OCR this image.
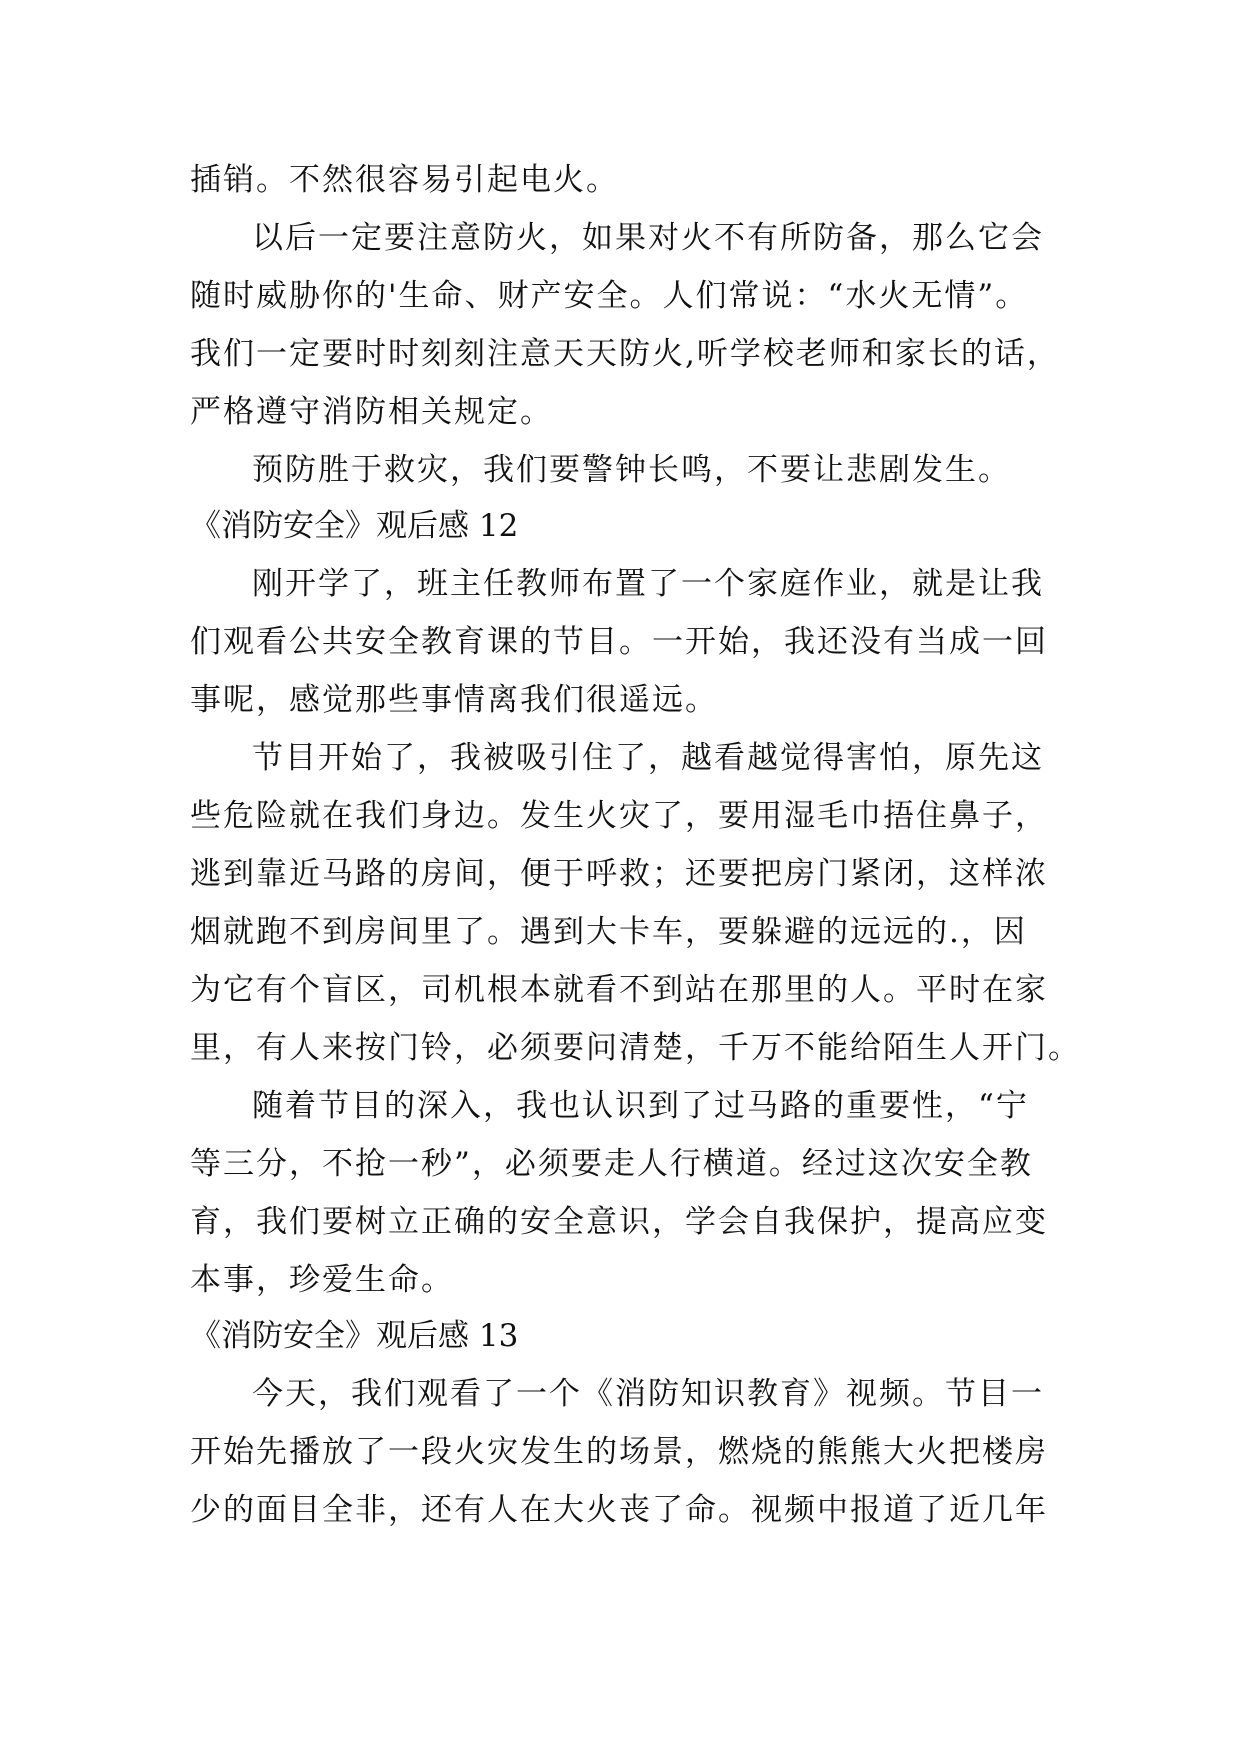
插销。不然很容易引起电火。
以后一定要注意防火，如果对火不有所防备，那么它会
随时威胁你的'生命、财产安全。人们常说：“水火无情”。
我们一定要时时刻刻注意天天防火,听学校老师和家长的话，
严格遵守消防相关规定。
预防胜于救灾，我们要警钟长鸣，不要让悲剧发生。
《消防安全》观后感 12
刚开学了，班主任教师布置了一个家庭作业，就是让我
们观看公共安全教育课的节目。一开始，我还没有当成一回
事呢，感觉那些事情离我们很遥远。
节目开始了，我被吸引住了，越看越觉得害怕，原先这
些危险就在我们身边。发生火灾了，要用湿毛巾捂住鼻子，
逃到靠近马路的房间，便于呼救；还要把房门紧闭，这样浓
烟就跑不到房间里了。遇到大卡车，要躲避的远远的.，因
为它有个盲区，司机根本就看不到站在那里的人。平时在家
里，有人来按门铃，必须要问清楚，千万不能给陌生人开门。
随着节目的深入，我也认识到了过马路的重要性，“宁
等三分，不抢一秒”，必须要走人行横道。经过这次安全教
育，我们要树立正确的安全意识，学会自我保护，提高应变
本事，珍爱生命。
《消防安全》观后感 13
今天，我们观看了一个《消防知识教育》视频。节目一
开始先播放了一段火灾发生的场景，燃烧的熊熊大火把楼房
少的面目全非，还有人在大火丧了命。视频中报道了近几年
